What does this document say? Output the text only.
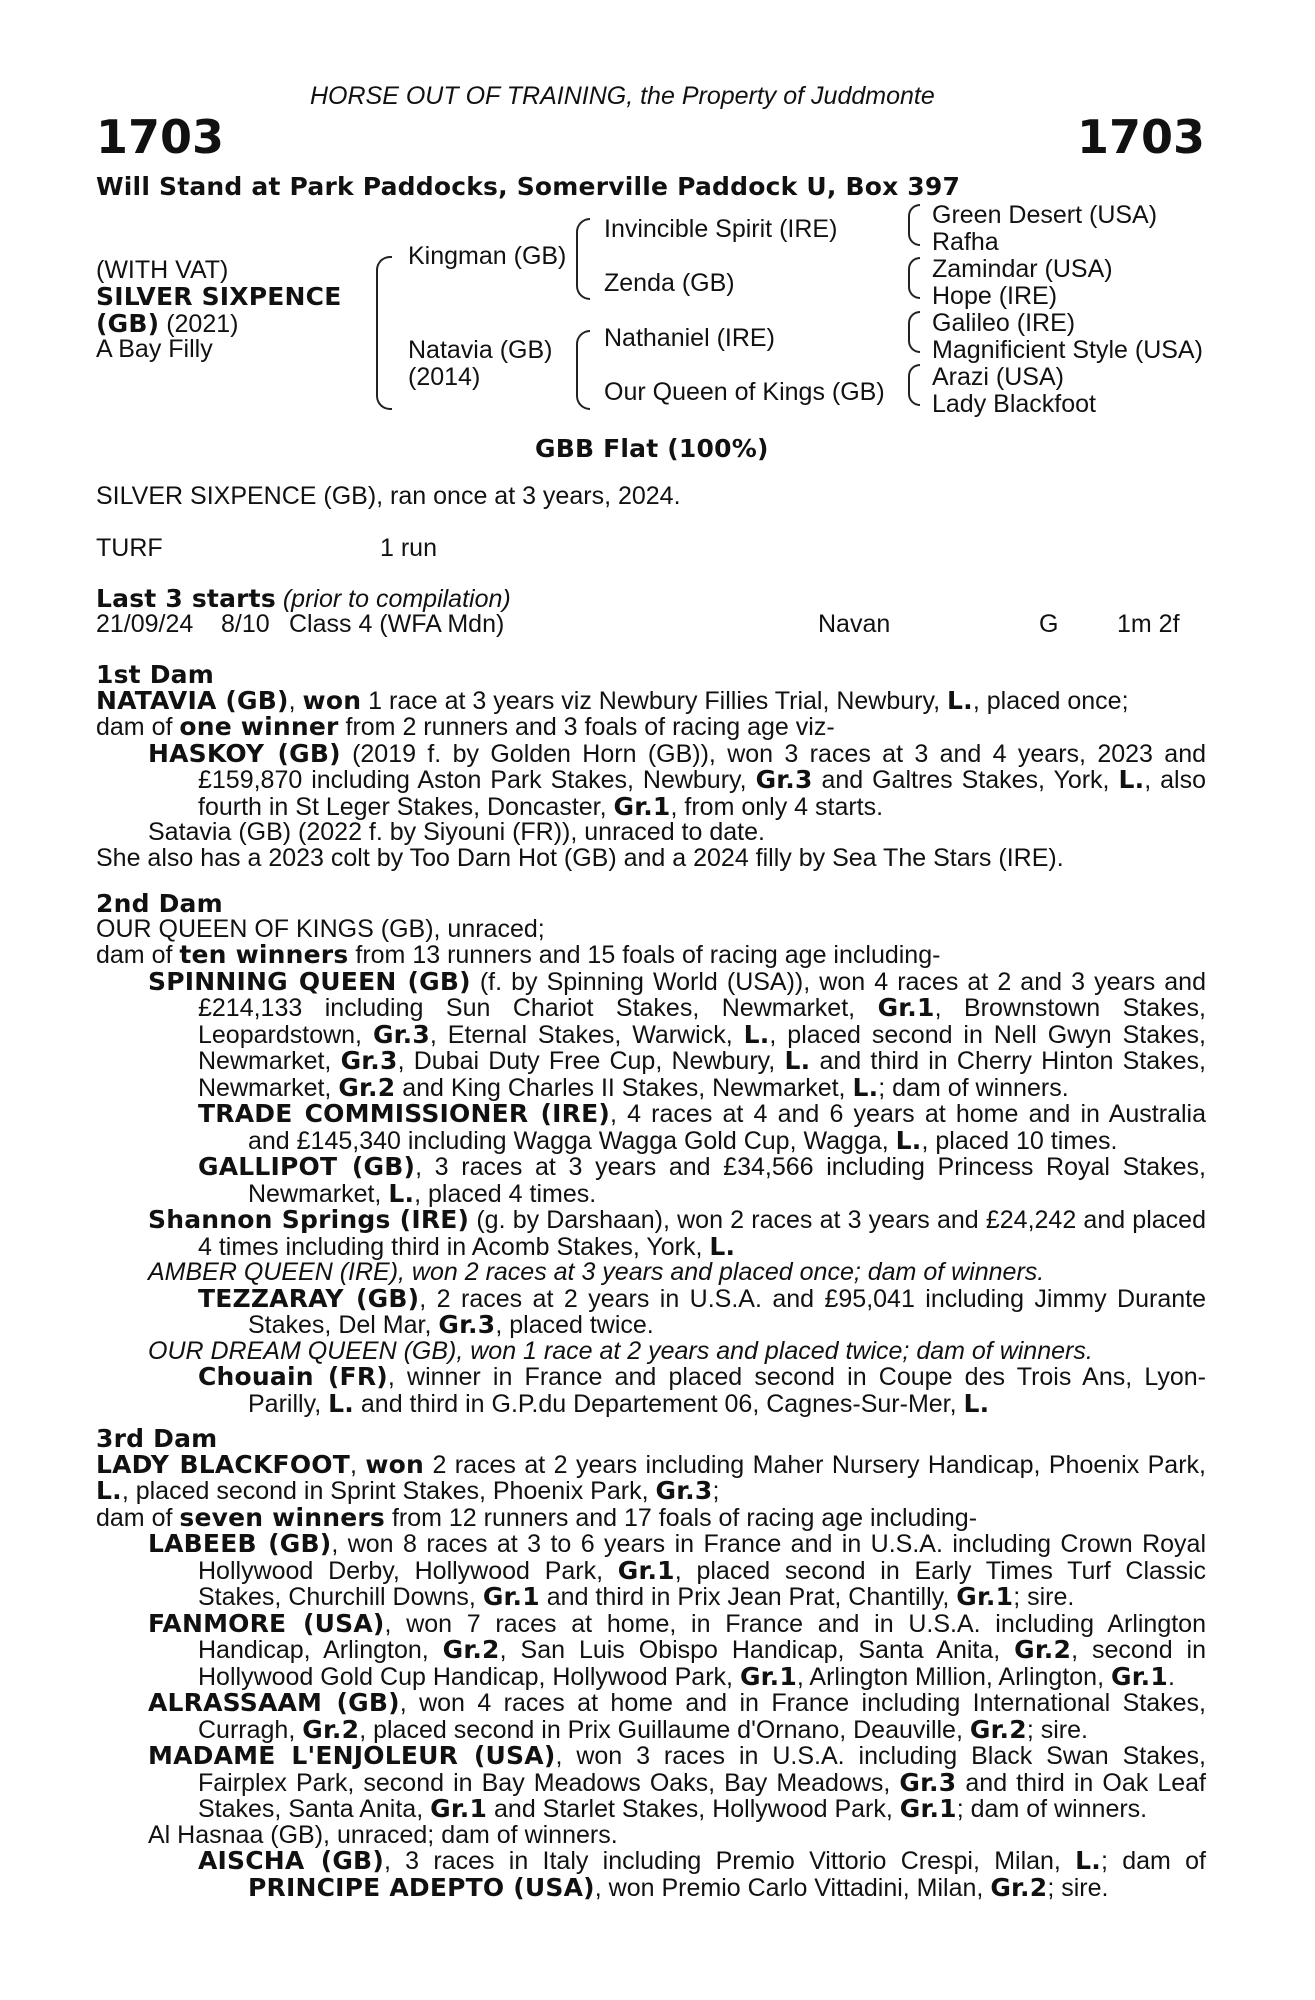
HORSE OUT OF TRAINING, the Property of Juddmonte
1703	1703
Will Stand at Park Paddocks, Somerville Paddock U, Box 397
(WITH VAT)
SILVER SIXPENCE
(GB) (2021)
A Bay Filly
Kingman (GB)
Natavia (GB)
(2014)
Invincible Spirit (IRE)
Zenda (GB)
Nathaniel (IRE)
Our Queen of Kings (GB)
Green Desert (USA)
Rafha
Zamindar (USA)
Hope (IRE)
Galileo (IRE)
Magnificient Style (USA)
Arazi (USA)
Lady Blackfoot
GBB Flat (100%)
SILVER SIXPENCE (GB), ran once at 3 years, 2024.
TURF	1 run
Last 3 starts (prior to compilation)
21/09/24 8/10 Class 4 (WFA Mdn)	Navan	G 1m 2f

1st Dam

NATAVIA (GB), won 1 race at 3 years viz Newbury Fillies Trial, Newbury, L., placed once;

dam of one winner from 2 runners and 3 foals of racing age viz-

HASKOY (GB) (2019 f. by Golden Horn (GB)), won 3 races at 3 and 4 years, 2023 and £159,870 including Aston Park Stakes, Newbury, Gr.3 and Galtres Stakes, York, L., also fourth in St Leger Stakes, Doncaster, Gr.1, from only 4 starts.

Satavia (GB) (2022 f. by Siyouni (FR)), unraced to date.

She also has a 2023 colt by Too Darn Hot (GB) and a 2024 filly by Sea The Stars (IRE).

2nd Dam

OUR QUEEN OF KINGS (GB), unraced;

dam of ten winners from 13 runners and 15 foals of racing age including-

SPINNING QUEEN (GB) (f. by Spinning World (USA)), won 4 races at 2 and 3 years and £214,133 including Sun Chariot Stakes, Newmarket, Gr.1, Brownstown Stakes, Leopardstown, Gr.3, Eternal Stakes, Warwick, L., placed second in Nell Gwyn Stakes, Newmarket, Gr.3, Dubai Duty Free Cup, Newbury, L. and third in Cherry Hinton Stakes, Newmarket, Gr.2 and King Charles II Stakes, Newmarket, L.; dam of winners.

TRADE COMMISSIONER (IRE), 4 races at 4 and 6 years at home and in Australia and £145,340 including Wagga Wagga Gold Cup, Wagga, L., placed 10 times.

GALLIPOT (GB), 3 races at 3 years and £34,566 including Princess Royal Stakes, Newmarket, L., placed 4 times.

Shannon Springs (IRE) (g. by Darshaan), won 2 races at 3 years and £24,242 and placed 4 times including third in Acomb Stakes, York, L.

AMBER QUEEN (IRE), won 2 races at 3 years and placed once; dam of winners.

TEZZARAY (GB), 2 races at 2 years in U.S.A. and £95,041 including Jimmy Durante Stakes, Del Mar, Gr.3, placed twice.

OUR DREAM QUEEN (GB), won 1 race at 2 years and placed twice; dam of winners.

Chouain (FR), winner in France and placed second in Coupe des Trois Ans, Lyon-Parilly, L. and third in G.P.du Departement 06, Cagnes-Sur-Mer, L.

3rd Dam

LADY BLACKFOOT, won 2 races at 2 years including Maher Nursery Handicap, Phoenix Park, L., placed second in Sprint Stakes, Phoenix Park, Gr.3;

dam of seven winners from 12 runners and 17 foals of racing age including-

LABEEB (GB), won 8 races at 3 to 6 years in France and in U.S.A. including Crown Royal Hollywood Derby, Hollywood Park, Gr.1, placed second in Early Times Turf Classic Stakes, Churchill Downs, Gr.1 and third in Prix Jean Prat, Chantilly, Gr.1; sire.

FANMORE (USA), won 7 races at home, in France and in U.S.A. including Arlington Handicap, Arlington, Gr.2, San Luis Obispo Handicap, Santa Anita, Gr.2, second in Hollywood Gold Cup Handicap, Hollywood Park, Gr.1, Arlington Million, Arlington, Gr.1.

ALRASSAAM (GB), won 4 races at home and in France including International Stakes, Curragh, Gr.2, placed second in Prix Guillaume d'Ornano, Deauville, Gr.2; sire.

MADAME L'ENJOLEUR (USA), won 3 races in U.S.A. including Black Swan Stakes, Fairplex Park, second in Bay Meadows Oaks, Bay Meadows, Gr.3 and third in Oak Leaf Stakes, Santa Anita, Gr.1 and Starlet Stakes, Hollywood Park, Gr.1; dam of winners.

Al Hasnaa (GB), unraced; dam of winners.

AISCHA (GB), 3 races in Italy including Premio Vittorio Crespi, Milan, L.; dam of PRINCIPE ADEPTO (USA), won Premio Carlo Vittadini, Milan, Gr.2; sire.
